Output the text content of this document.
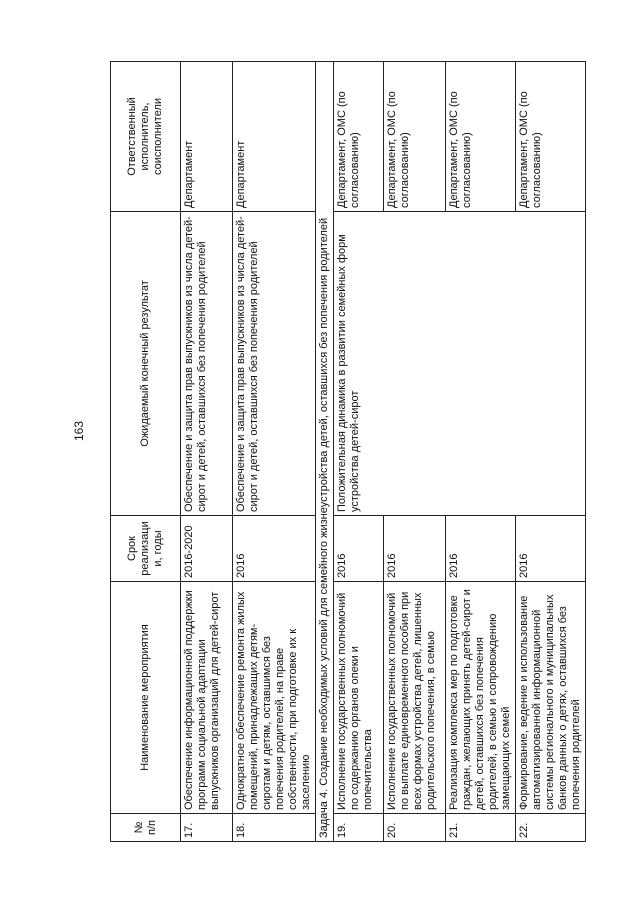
163
№ п/п	Наименование мероприятия	Срок реализации, годы	Ожидаемый конечный результат	Ответственный исполнитель, соисполнители
17.	Обеспечение информационной поддержки программ социальной адаптации выпускников организаций для детей-сирот	2016-2020	Обеспечение и защита прав выпускников из числа детей-сирот и детей, оставшихся без попечения родителей	Департамент
18.	Однократное обеспечение ремонта жилых помещений, принадлежащих детям-сиротам и детям, оставшимся без попечения родителей, на праве собственности, при подготовке их к заселению	2016	Обеспечение и защита прав выпускников из числа детей-сирот и детей, оставшихся без попечения родителей	Департамент
Задача 4. Создание необходимых условий для семейного жизнеустройства детей, оставшихся без попечения родителей				
19.	Исполнение государственных полномочий по содержанию органов опеки и попечительства	2016	Положительная динамика в развитии семейных форм устройства детей-сирот	Департамент, ОМС (по согласованию)
20.	Исполнение государственных полномочий по выплате единовременного пособия при всех формах устройства детей, лишенных родительского попечения, в семью	2016		Департамент, ОМС (по согласованию)
21.	Реализация комплекса мер по подготовке граждан, желающих принять детей-сирот и детей, оставшихся без попечения родителей, в семью и сопровождению замещающих семей	2016		Департамент, ОМС (по согласованию)
22.	Формирование, ведение и использование автоматизированной информационной системы регионального и муниципальных банков данных о детях, оставшихся без попечения родителей	2016		Департамент, ОМС (по согласованию)
